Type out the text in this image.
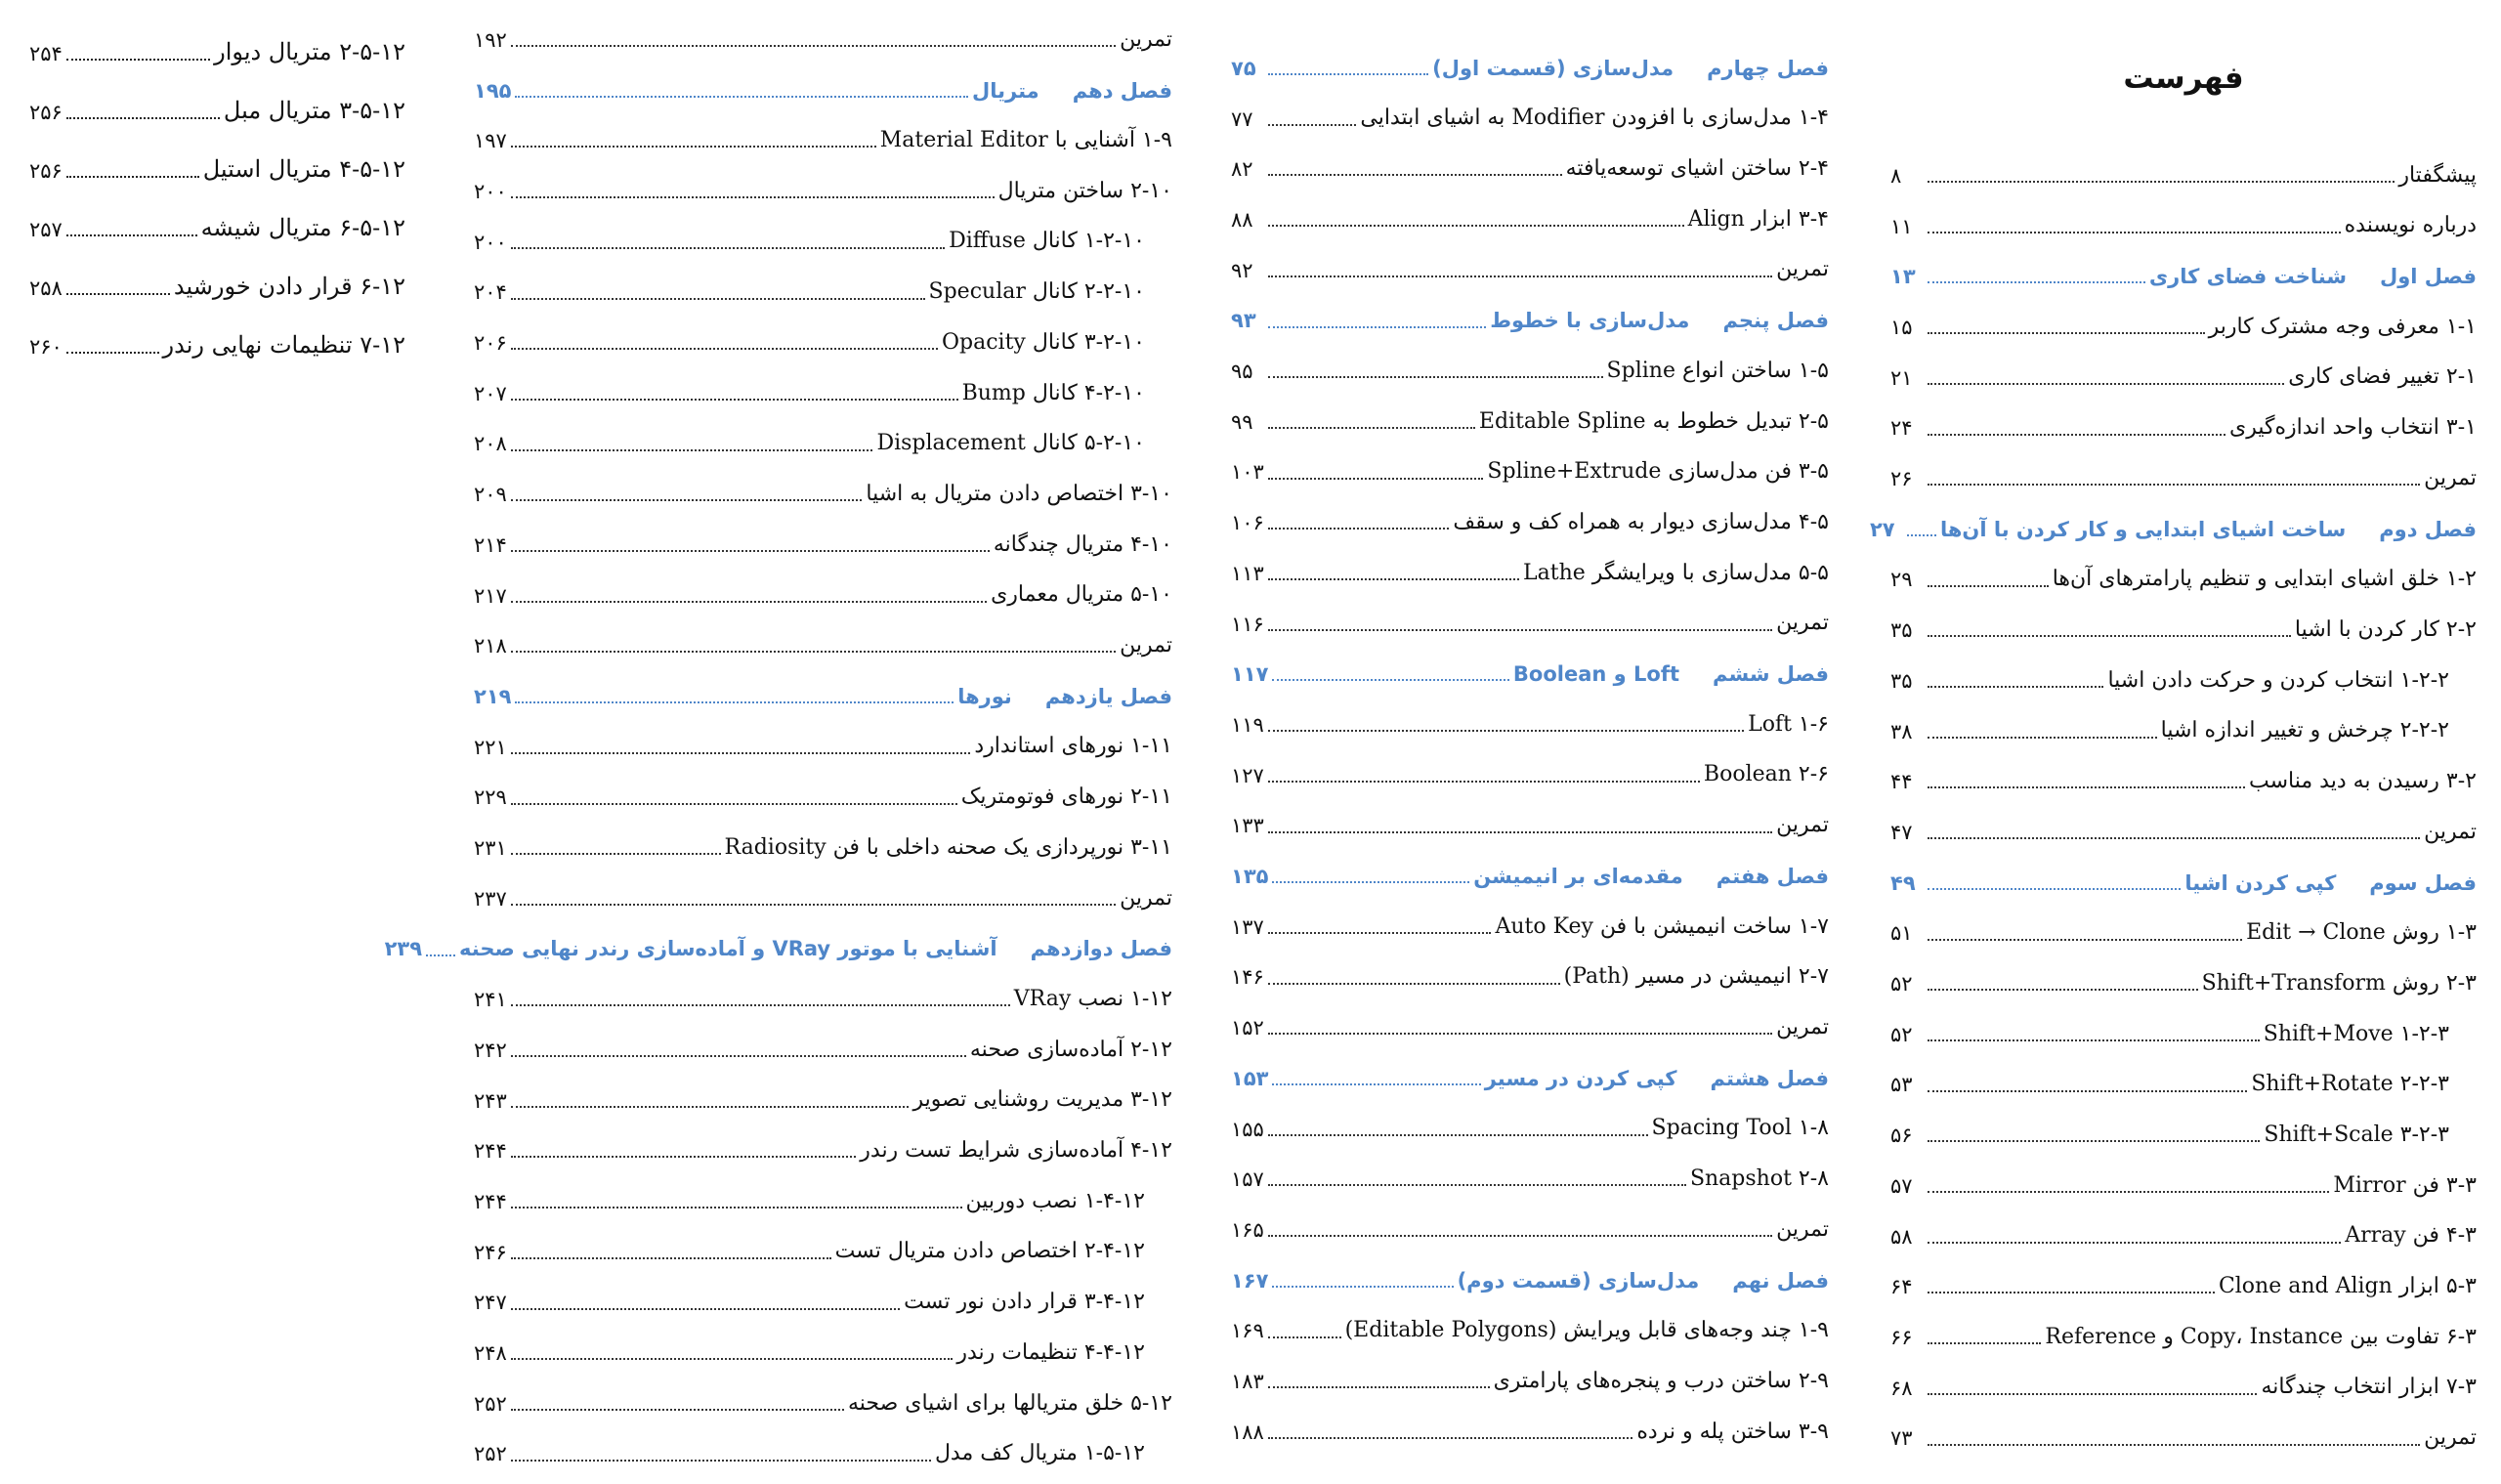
فهرست
پیشگفتار
۸
درباره نویسنده
۱۱
فصل اولشناخت فضای کاری
۱۳
۱-۱ معرفی وجه مشترک کاربر
۱۵
۲-۱ تغییر فضای کاری
۲۱
۳-۱ انتخاب واحد اندازه‌گیری
۲۴
تمرین
۲۶
فصل دومساخت اشیای ابتدایی و کار کردن با آن‌ها
۲۷
۱-۲ خلق اشیای ابتدایی و تنظیم پارامترهای آن‌ها
۲۹
۲-۲ کار کردن با اشیا
۳۵
۱-۲-۲ انتخاب کردن و حرکت دادن اشیا
۳۵
۲-۲-۲ چرخش و تغییر اندازه اشیا
۳۸
۳-۲ رسیدن به دید مناسب
۴۴
تمرین
۴۷
فصل سومکپی کردن اشیا
۴۹
۱-۳ روش Edit → Clone
۵۱
۲-۳ روش Shift+Transform
۵۲
۱-۲-۳ Shift+Move
۵۲
۲-۲-۳ Shift+Rotate
۵۳
۳-۲-۳ Shift+Scale
۵۶
۳-۳ فن Mirror
۵۷
۴-۳ فن Array
۵۸
۵-۳ ابزار Clone and Align
۶۴
۶-۳ تفاوت بین Copy، Instance و Reference
۶۶
۷-۳ ابزار انتخاب چندگانه
۶۸
تمرین
۷۳
فصل چهارممدل‌سازی (قسمت اول)
۷۵
۱-۴ مدل‌سازی با افزودن Modifier به اشیای ابتدایی
۷۷
۲-۴ ساختن اشیای توسعه‌یافته
۸۲
۳-۴ ابزار Align
۸۸
تمرین
۹۲
فصل پنجممدل‌سازی با خطوط
۹۳
۱-۵ ساختن انواع Spline
۹۵
۲-۵ تبدیل خطوط به Editable Spline
۹۹
۳-۵ فن مدل‌سازی Spline+Extrude
۱۰۳
۴-۵ مدل‌سازی دیوار به همراه کف و سقف
۱۰۶
۵-۵ مدل‌سازی با ویرایشگر Lathe
۱۱۳
تمرین
۱۱۶
فصل ششمLoft و Boolean
۱۱۷
۱-۶ Loft
۱۱۹
۲-۶ Boolean
۱۲۷
تمرین
۱۳۳
فصل هفتممقدمه‌ای بر انیمیشن
۱۳۵
۱-۷ ساخت انیمیشن با فن Auto Key
۱۳۷
۲-۷ انیمیشن در مسیر (Path)
۱۴۶
تمرین
۱۵۲
فصل هشتمکپی کردن در مسیر
۱۵۳
۱-۸ Spacing Tool
۱۵۵
۲-۸ Snapshot
۱۵۷
تمرین
۱۶۵
فصل نهممدل‌سازی (قسمت دوم)
۱۶۷
۱-۹ چند وجه‌های قابل ویرایش (Editable Polygons)
۱۶۹
۲-۹ ساختن درب و پنجره‌های پارامتری
۱۸۳
۳-۹ ساختن پله و نرده
۱۸۸
تمرین
۱۹۲
فصل دهممتریال
۱۹۵
۱-۹ آشنایی با Material Editor
۱۹۷
۲-۱۰ ساختن متریال
۲۰۰
۱-۲-۱۰ کانال Diffuse
۲۰۰
۲-۲-۱۰ کانال Specular
۲۰۴
۳-۲-۱۰ کانال Opacity
۲۰۶
۴-۲-۱۰ کانال Bump
۲۰۷
۵-۲-۱۰ کانال Displacement
۲۰۸
۳-۱۰ اختصاص دادن متریال به اشیا
۲۰۹
۴-۱۰ متریال چندگانه
۲۱۴
۵-۱۰ متریال معماری
۲۱۷
تمرین
۲۱۸
فصل یازدهمنورها
۲۱۹
۱-۱۱ نورهای استاندارد
۲۲۱
۲-۱۱ نورهای فوتومتریک
۲۲۹
۳-۱۱ نورپردازی یک صحنه داخلی با فن Radiosity
۲۳۱
تمرین
۲۳۷
فصل دوازدهمآشنایی با موتور VRay و آماده‌سازی رندر نهایی صحنه
۲۳۹
۱-۱۲ نصب VRay
۲۴۱
۲-۱۲ آماده‌سازی صحنه
۲۴۲
۳-۱۲ مدیریت روشنایی تصویر
۲۴۳
۴-۱۲ آماده‌سازی شرایط تست رندر
۲۴۴
۱-۴-۱۲ نصب دوربین
۲۴۴
۲-۴-۱۲ اختصاص دادن متریال تست
۲۴۶
۳-۴-۱۲ قرار دادن نور تست
۲۴۷
۴-۴-۱۲ تنظیمات رندر
۲۴۸
۵-۱۲ خلق متریالها برای اشیای صحنه
۲۵۲
۱-۵-۱۲ متریال کف مدل
۲۵۲
۲-۵-۱۲ متریال دیوار
۲۵۴
۳-۵-۱۲ متریال مبل
۲۵۶
۴-۵-۱۲ متریال استیل
۲۵۶
۶-۵-۱۲ متریال شیشه
۲۵۷
۶-۱۲ قرار دادن خورشید
۲۵۸
۷-۱۲ تنظیمات نهایی رندر
۲۶۰
